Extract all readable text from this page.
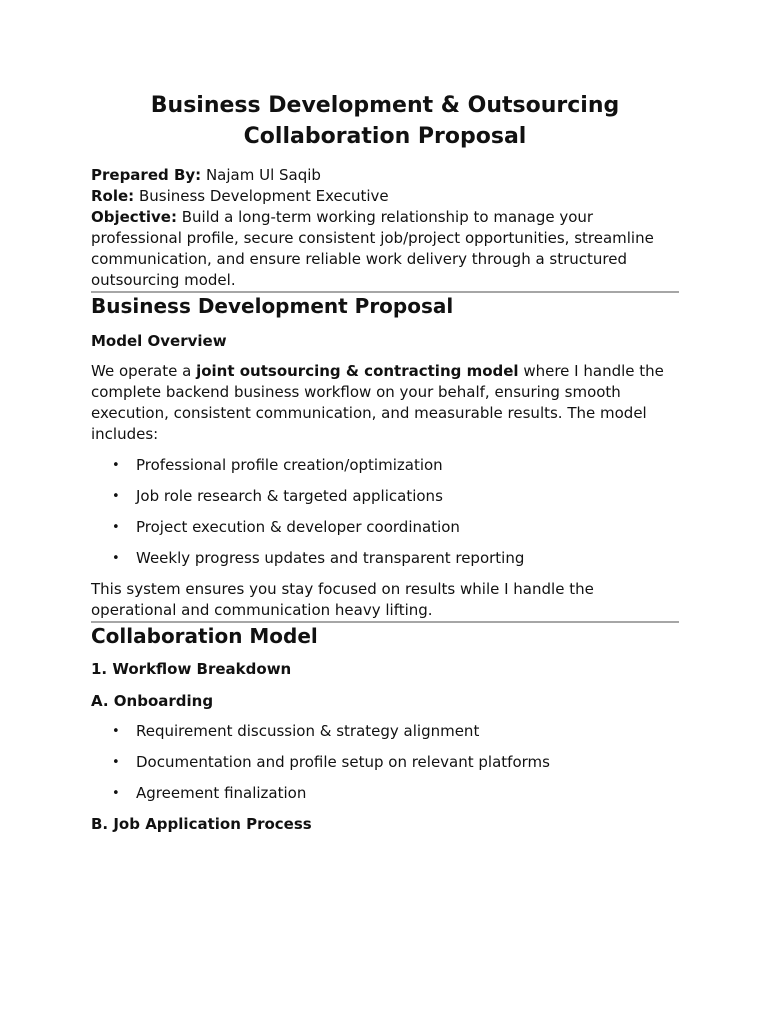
Business Development & Outsourcing Collaboration Proposal

Prepared By: Najam Ul Saqib

Role: Business Development Executive

Objective: Build a long-term working relationship to manage your professional profile, secure consistent job/project opportunities, streamline communication, and ensure reliable work delivery through a structured outsourcing model.

Business Development Proposal
Model Overview

We operate a joint outsourcing & contracting model where I handle the complete backend business workflow on your behalf, ensuring smooth execution, consistent communication, and measurable results. The model includes:

• Professional profile creation/optimization
• Job role research & targeted applications
• Project execution & developer coordination
• Weekly progress updates and transparent reporting

This system ensures you stay focused on results while I handle the operational and communication heavy lifting.

Collaboration Model
1. Workflow Breakdown
A. Onboarding
• Requirement discussion & strategy alignment
• Documentation and profile setup on relevant platforms
• Agreement finalization
B. Job Application Process
